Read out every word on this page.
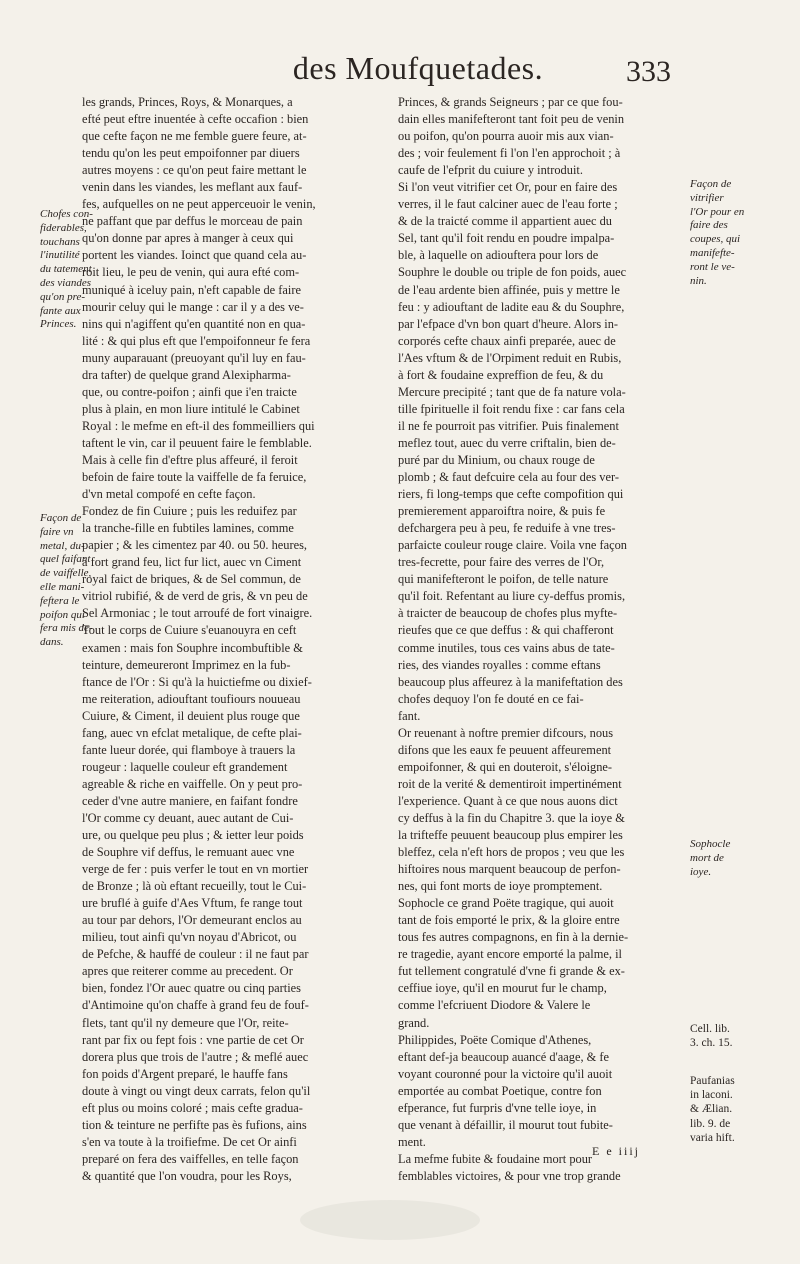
des Moufquetades.	333
Chofes con-
fiderables,
touchans
l'inutilité
du tatement
des viandes
qu'on pre-
fante aux
Princes.
Façon de
faire vn
metal, du-
quel faifant
de vaiffelle,
elle mani-
feftera le
poifon qui
fera mis de-
dans.
les grands, Princes, Roys, & Monarques, a
efté peut eftre inuentée à cefte occafion : bien
que cefte façon ne me femble guere feure, at-
tendu qu'on les peut empoifonner par diuers
autres moyens : ce qu'on peut faire mettant le
venin dans les viandes, les meflant aux fauf-
fes, aufquelles on ne peut apperceuoir le venin,
ne paffant que par deffus le morceau de pain
qu'on donne par apres à manger à ceux qui
portent les viandes. Ioinct que quand cela au-
roit lieu, le peu de venin, qui aura efté com-
muniqué à iceluy pain, n'eft capable de faire
mourir celuy qui le mange : car il y a des ve-
nins qui n'agiffent qu'en quantité non en qua-
lité : & qui plus eft que l'empoifonneur fe fera
muny auparauant (preuoyant qu'il luy en fau-
dra tafter) de quelque grand Alexipharma-
que, ou contre-poifon ; ainfi que i'en traicte
plus à plain, en mon liure intitulé le Cabinet
Royal : le mefme en eft-il des fommeilliers qui
taftent le vin, car il peuuent faire le femblable.
Mais à celle fin d'eftre plus affeuré, il feroit
befoin de faire toute la vaiffelle de fa feruice,
d'vn metal compofé en cefte façon.
Fondez de fin Cuiure ; puis les reduifez par
la tranche-fille en fubtiles lamines, comme
papier ; & les cimentez par 40. ou 50. heures,
à fort grand feu, lict fur lict, auec vn Ciment
royal faict de briques, & de Sel commun, de
vitriol rubifié, & de verd de gris, & vn peu de
Sel Armoniac ; le tout arroufé de fort vinaigre.
Tout le corps de Cuiure s'euanouyra en ceft
examen : mais fon Souphre incombuftible &
teinture, demeureront Imprimez en la fub-
ftance de l'Or : Si qu'à la huictiefme ou dixief-
me reiteration, adiouftant toufiours nouueau
Cuiure, & Ciment, il deuient plus rouge que
fang, auec vn efclat metalique, de cefte plai-
fante lueur dorée, qui flamboye à trauers la
rougeur : laquelle couleur eft grandement
agreable & riche en vaiffelle. On y peut pro-
ceder d'vne autre maniere, en faifant fondre
l'Or comme cy deuant, auec autant de Cui-
ure, ou quelque peu plus ; & ietter leur poids
de Souphre vif deffus, le remuant auec vne
verge de fer : puis verfer le tout en vn mortier
de Bronze ; là où eftant recueilly, tout le Cui-
ure bruflé à guife d'Aes Vftum, fe range tout
au tour par dehors, l'Or demeurant enclos au
milieu, tout ainfi qu'vn noyau d'Abricot, ou
de Pefche, & hauffé de couleur : il ne faut par
apres que reiterer comme au precedent. Or
bien, fondez l'Or auec quatre ou cinq parties
d'Antimoine qu'on chaffe à grand feu de fouf-
flets, tant qu'il ny demeure que l'Or, reite-
rant par fix ou fept fois : vne partie de cet Or
dorera plus que trois de l'autre ; & meflé auec
fon poids d'Argent preparé, le hauffe fans
doute à vingt ou vingt deux carrats, felon qu'il
eft plus ou moins coloré ; mais cefte gradua-
tion & teinture ne perfifte pas ès fufions, ains
s'en va toute à la troifiefme. De cet Or ainfi
preparé on fera des vaiffelles, en telle façon
& quantité que l'on voudra, pour les Roys,
Princes, & grands Seigneurs ; par ce que fou-
dain elles manifefteront tant foit peu de venin
ou poifon, qu'on pourra auoir mis aux vian-
des ; voir feulement fi l'on l'en approchoit ; à
caufe de l'efprit du cuiure y introduit.
Si l'on veut vitrifier cet Or, pour en faire des
verres, il le faut calciner auec de l'eau forte ;
& de la traicté comme il appartient auec du
Sel, tant qu'il foit rendu en poudre impalpa-
ble, à laquelle on adiouftera pour lors de
Souphre le double ou triple de fon poids, auec
de l'eau ardente bien affinée, puis y mettre le
feu : y adiouftant de ladite eau & du Souphre,
par l'efpace d'vn bon quart d'heure. Alors in-
corporés cefte chaux ainfi preparée, auec de
l'Aes vftum & de l'Orpiment reduit en Rubis,
à fort & foudaine expreffion de feu, & du
Mercure precipité ; tant que de fa nature vola-
tille fpirituelle il foit rendu fixe : car fans cela
il ne fe pourroit pas vitrifier. Puis finalement
meflez tout, auec du verre criftalin, bien de-
puré par du Minium, ou chaux rouge de
plomb ; & faut defcuire cela au four des ver-
riers, fi long-temps que cefte compofition qui
premierement apparoiftra noire, & puis fe
defchargera peu à peu, fe reduife à vne tres-
parfaicte couleur rouge claire. Voila vne façon
tres-fecrette, pour faire des verres de l'Or,
qui manifefteront le poifon, de telle nature
qu'il foit. Refentant au liure cy-deffus promis,
à traicter de beaucoup de chofes plus myfte-
rieufes que ce que deffus : & qui chafferont
comme inutiles, tous ces vains abus de tate-
ries, des viandes royalles : comme eftans
beaucoup plus affeurez à la manifeftation des
chofes dequoy l'on fe douté en ce fai-
fant.
Or reuenant à noftre premier difcours, nous
difons que les eaux fe peuuent affeurement
empoifonner, & qui en douteroit, s'éloigne-
roit de la verité & dementiroit impertinément
l'experience. Quant à ce que nous auons dict
cy deffus à la fin du Chapitre 3. que la ioye &
la trifteffe peuuent beaucoup plus empirer les
bleffez, cela n'eft hors de propos ; veu que les
hiftoires nous marquent beaucoup de perfon-
nes, qui font morts de ioye promptement.
Sophocle ce grand Poëte tragique, qui auoit
tant de fois emporté le prix, & la gloire entre
tous fes autres compagnons, en fin à la dernie-
re tragedie, ayant encore emporté la palme, il
fut tellement congratulé d'vne fi grande & ex-
ceffiue ioye, qu'il en mourut fur le champ,
comme l'efcriuent Diodore & Valere le
grand.
Philippides, Poëte Comique d'Athenes,
eftant def-ja beaucoup auancé d'aage, & fe
voyant couronné pour la victoire qu'il auoit
emportée au combat Poetique, contre fon
efperance, fut furpris d'vne telle ioye, in
que venant à défaillir, il mourut tout fubite-
ment.
La mefme fubite & foudaine mort pour
femblables victoires, & pour vne trop grande
Façon de
vitrifier
l'Or pour en
faire des
coupes, qui
manifefte-
ront le ve-
nin.
Sophocle
mort de
ioye.
Cell. lib.
3. ch. 15.
Paufanias
in laconi.
& Ælian.
lib. 9. de
varia hift.
E e iiij
